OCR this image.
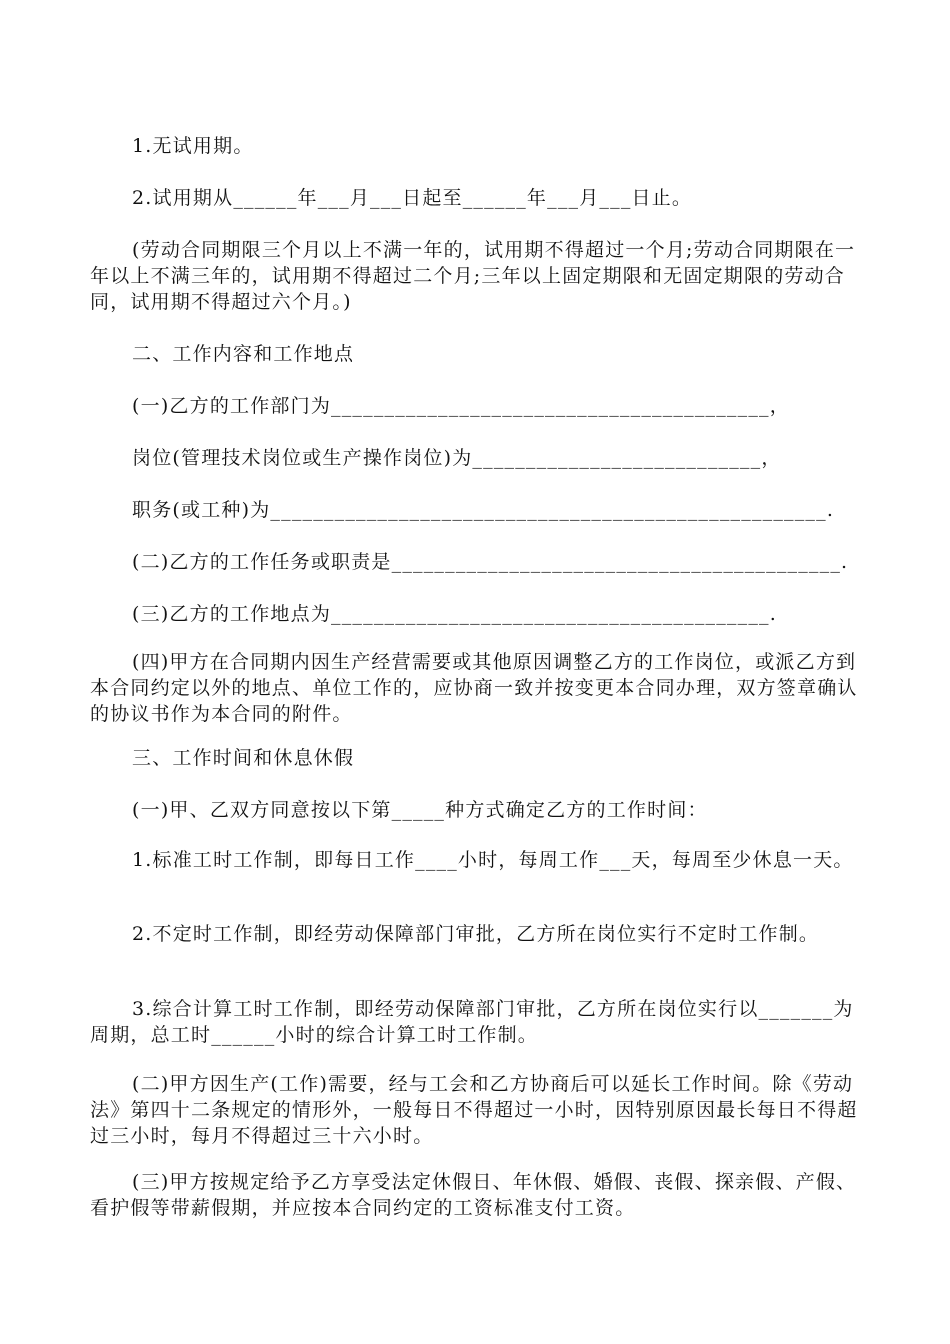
1.无试用期。

2.试用期从______年___月___日起至______年___月___日止。

(劳动合同期限三个月以上不满一年的，试用期不得超过一个月;劳动合同期限在一年以上不满三年的，试用期不得超过二个月;三年以上固定期限和无固定期限的劳动合同，试用期不得超过六个月。)

二、工作内容和工作地点

(一)乙方的工作部门为_________________________________________，

岗位(管理技术岗位或生产操作岗位)为___________________________，

职务(或工种)为____________________________________________________.

(二)乙方的工作任务或职责是__________________________________________.

(三)乙方的工作地点为_________________________________________.

(四)甲方在合同期内因生产经营需要或其他原因调整乙方的工作岗位，或派乙方到本合同约定以外的地点、单位工作的，应协商一致并按变更本合同办理，双方签章确认的协议书作为本合同的附件。

三、工作时间和休息休假

(一)甲、乙双方同意按以下第_____种方式确定乙方的工作时间：

1.标准工时工作制，即每日工作____小时，每周工作___天，每周至少休息一天。

2.不定时工作制，即经劳动保障部门审批，乙方所在岗位实行不定时工作制。

3.综合计算工时工作制，即经劳动保障部门审批，乙方所在岗位实行以_______为周期，总工时______小时的综合计算工时工作制。

(二)甲方因生产(工作)需要，经与工会和乙方协商后可以延长工作时间。除《劳动法》第四十二条规定的情形外，一般每日不得超过一小时，因特别原因最长每日不得超过三小时，每月不得超过三十六小时。

(三)甲方按规定给予乙方享受法定休假日、年休假、婚假、丧假、探亲假、产假、看护假等带薪假期，并应按本合同约定的工资标准支付工资。
